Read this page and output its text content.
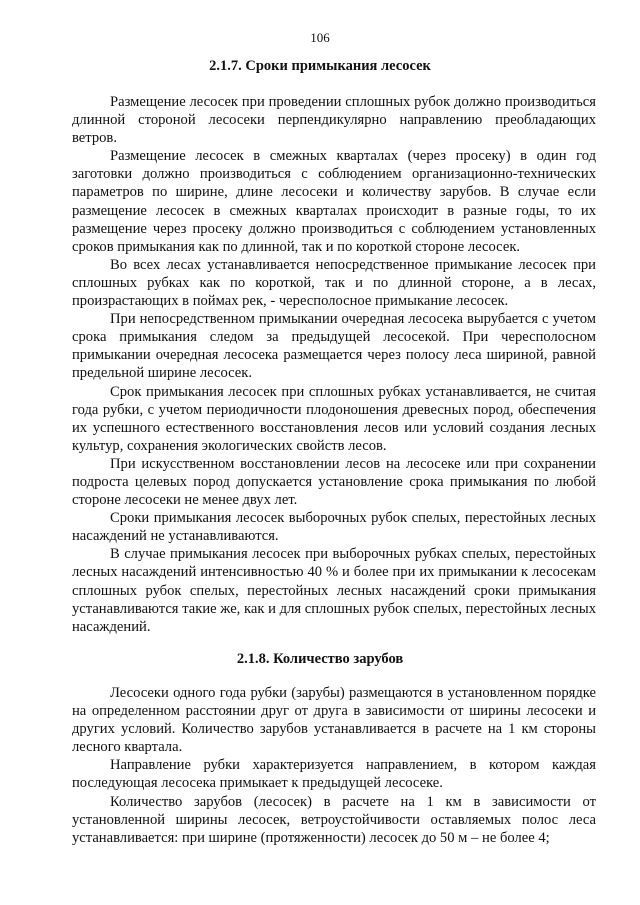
106
2.1.7. Сроки примыкания лесосек

Размещение лесосек при проведении сплошных рубок должно производиться длинной стороной лесосеки перпендикулярно направлению преобладающих ветров.

Размещение лесосек в смежных кварталах (через просеку) в один год заготовки должно производиться с соблюдением организационно-технических параметров по ширине, длине лесосеки и количеству зарубов. В случае если размещение лесосек в смежных кварталах происходит в разные годы, то их размещение через просеку должно производиться с соблюдением установленных сроков примыкания как по длинной, так и по короткой стороне лесосек.

Во всех лесах устанавливается непосредственное примыкание лесосек при сплошных рубках как по короткой, так и по длинной стороне, а в лесах, произрастающих в поймах рек, - чересполосное примыкание лесосек.

При непосредственном примыкании очередная лесосека вырубается с учетом срока примыкания следом за предыдущей лесосекой. При чересполосном примыкании очередная лесосека размещается через полосу леса шириной, равной предельной ширине лесосек.

Срок примыкания лесосек при сплошных рубках устанавливается, не считая года рубки, с учетом периодичности плодоношения древесных пород, обеспечения их успешного естественного восстановления лесов или условий создания лесных культур, сохранения экологических свойств лесов.

При искусственном восстановлении лесов на лесосеке или при сохранении подроста целевых пород допускается установление срока примыкания по любой стороне лесосеки не менее двух лет.

Сроки примыкания лесосек выборочных рубок спелых, перестойных лесных насаждений не устанавливаются.

В случае примыкания лесосек при выборочных рубках спелых, перестойных лесных насаждений интенсивностью 40 % и более при их примыкании к лесосекам сплошных рубок спелых, перестойных лесных насаждений сроки примыкания устанавливаются такие же, как и для сплошных рубок спелых, перестойных лесных насаждений.

2.1.8. Количество зарубов

Лесосеки одного года рубки (зарубы) размещаются в установленном порядке на определенном расстоянии друг от друга в зависимости от ширины лесосеки и других условий. Количество зарубов устанавливается в расчете на 1 км стороны лесного квартала.

Направление рубки характеризуется направлением, в котором каждая последующая лесосека примыкает к предыдущей лесосеке.

Количество зарубов (лесосек) в расчете на 1 км в зависимости от установленной ширины лесосек, ветроустойчивости оставляемых полос леса устанавливается: при ширине (протяженности) лесосек до 50 м – не более 4;
